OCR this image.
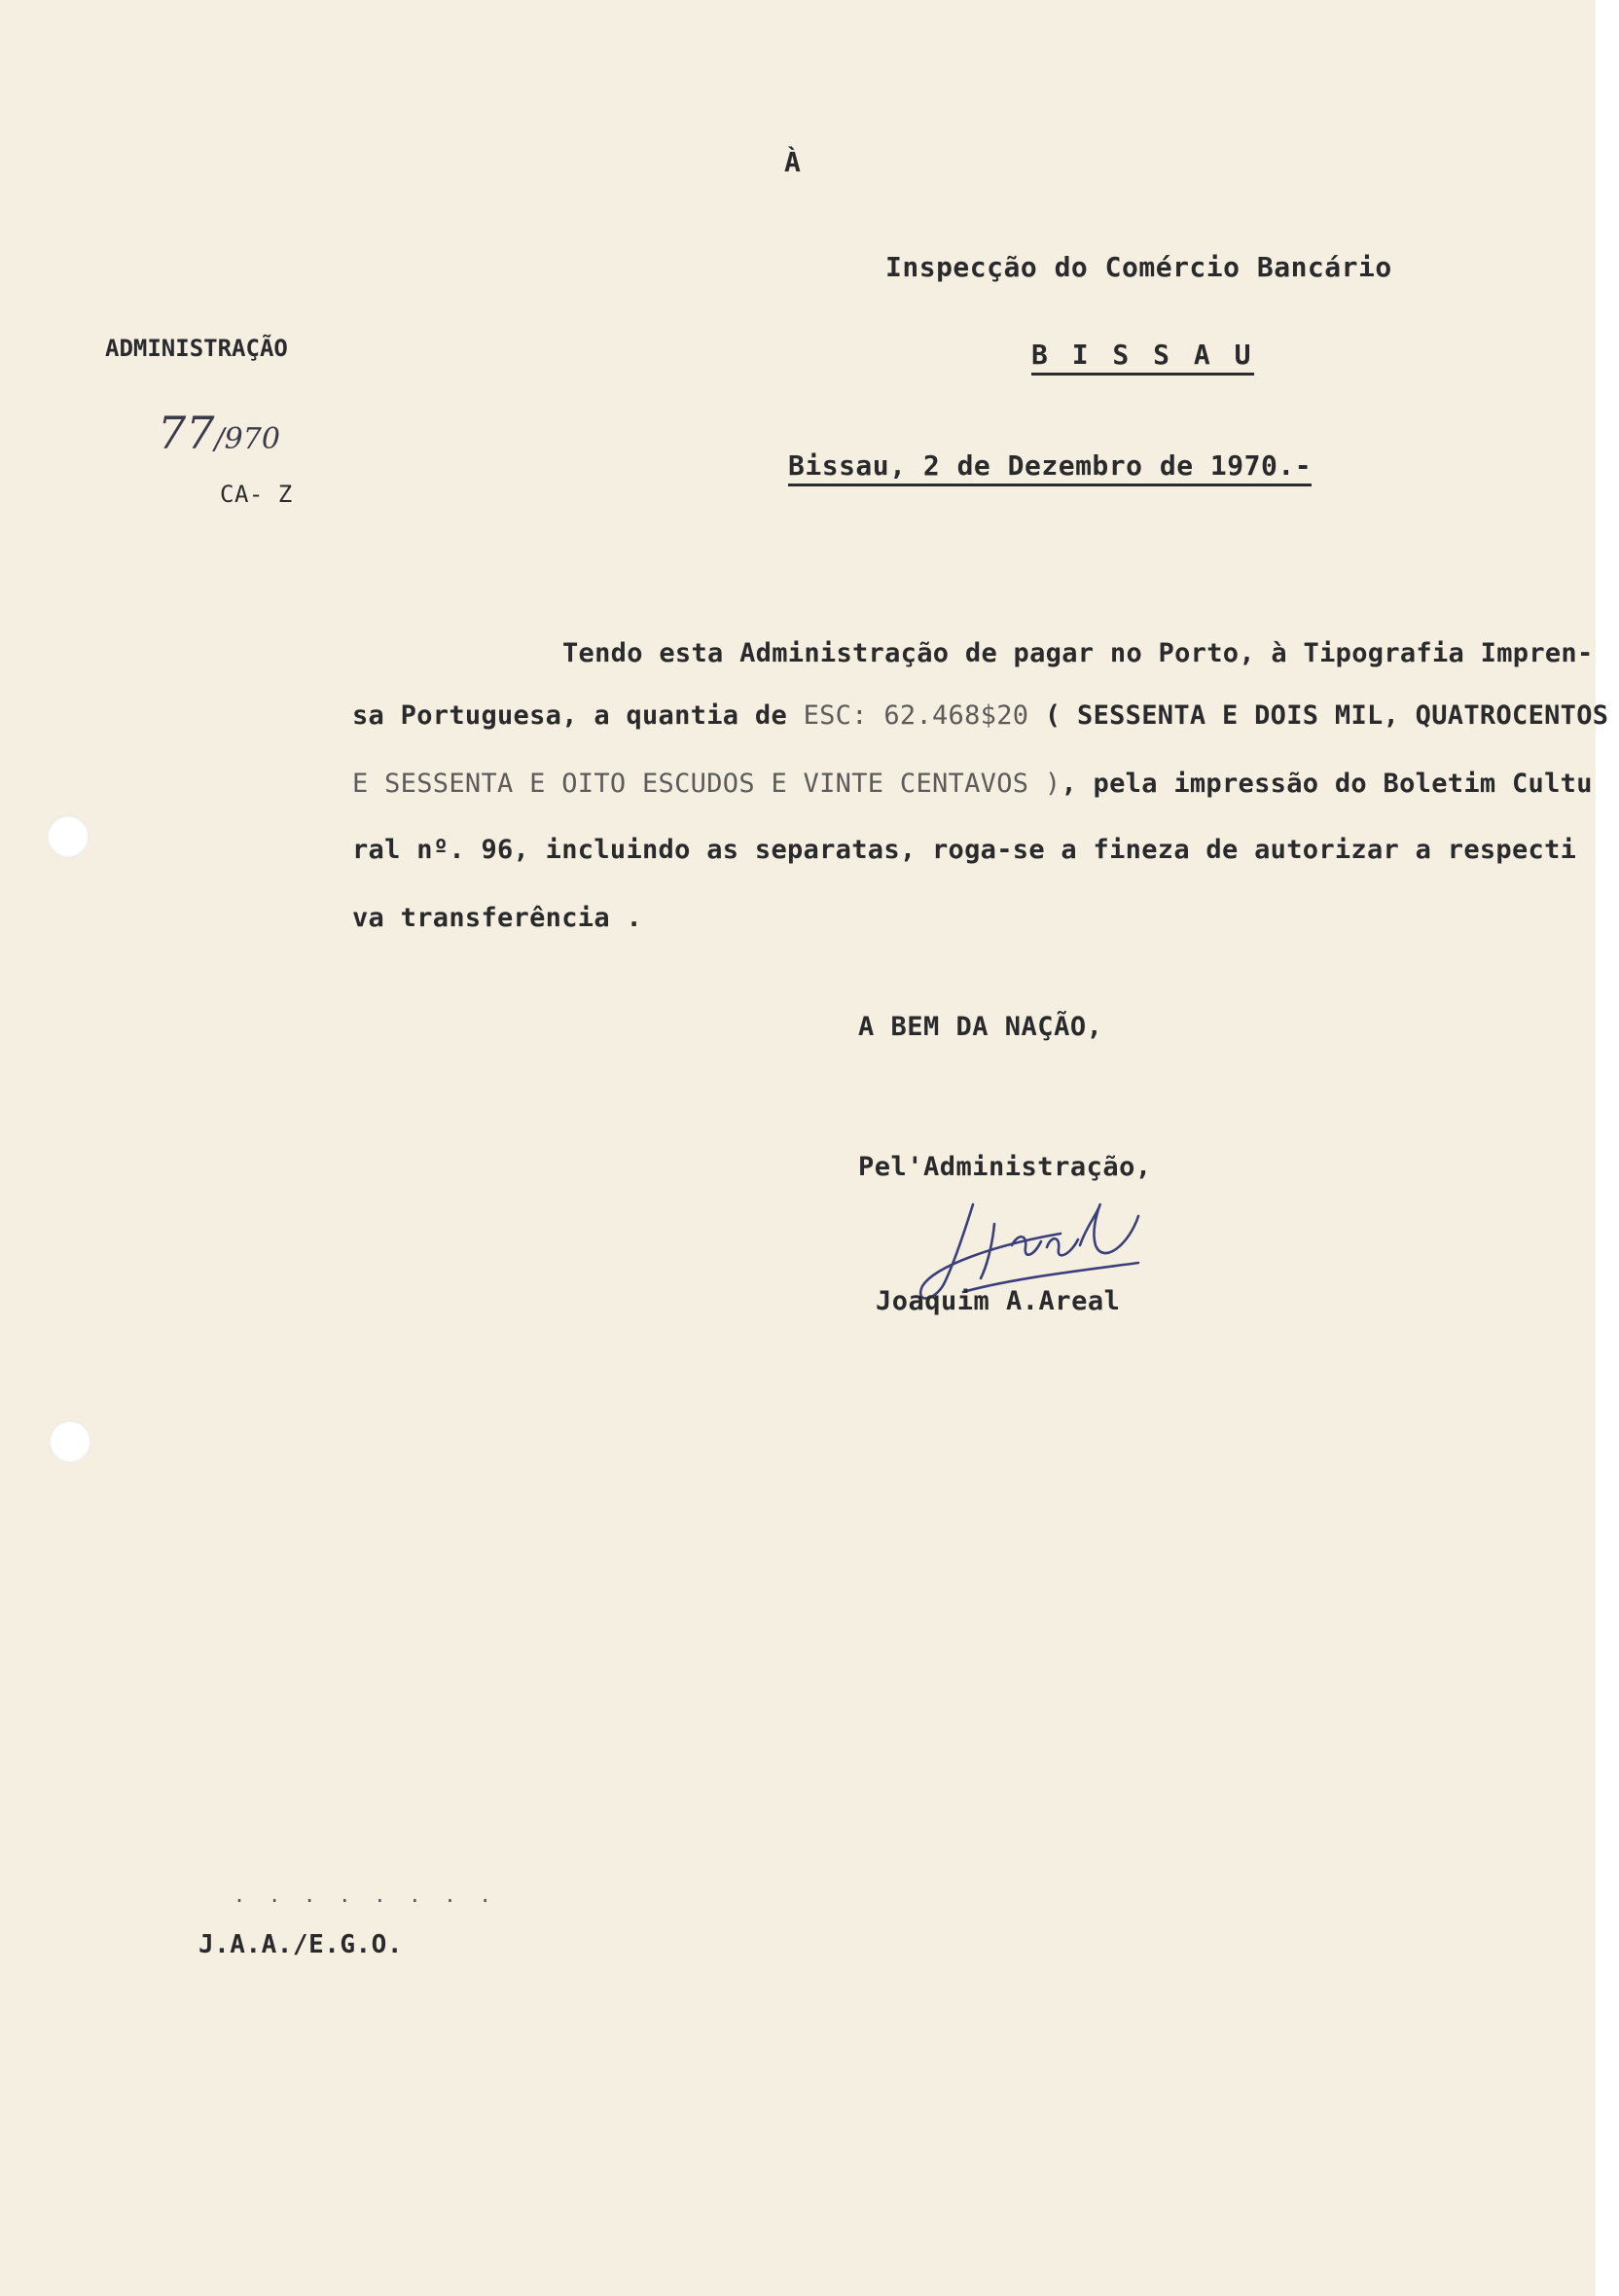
À
Inspecção do Comércio Bancário
B I S S A U
Bissau, 2 de Dezembro de 1970.-
ADMINISTRAÇÃO
77/970
CA- Z
Tendo esta Administração de pagar no Porto, à Tipografia Impren-
sa Portuguesa, a quantia de ESC: 62.468$20 ( SESSENTA E DOIS MIL, QUATROCENTOS
E SESSENTA E OITO ESCUDOS E VINTE CENTAVOS ), pela impressão do Boletim Cultu
ral nº. 96, incluindo as separatas, roga-se a fineza de autorizar a respecti
va transferência .
A BEM DA NAÇÃO,
Pel'Administração,
Joaquim A.Areal
. . . . . . . .
J.A.A./E.G.O.
